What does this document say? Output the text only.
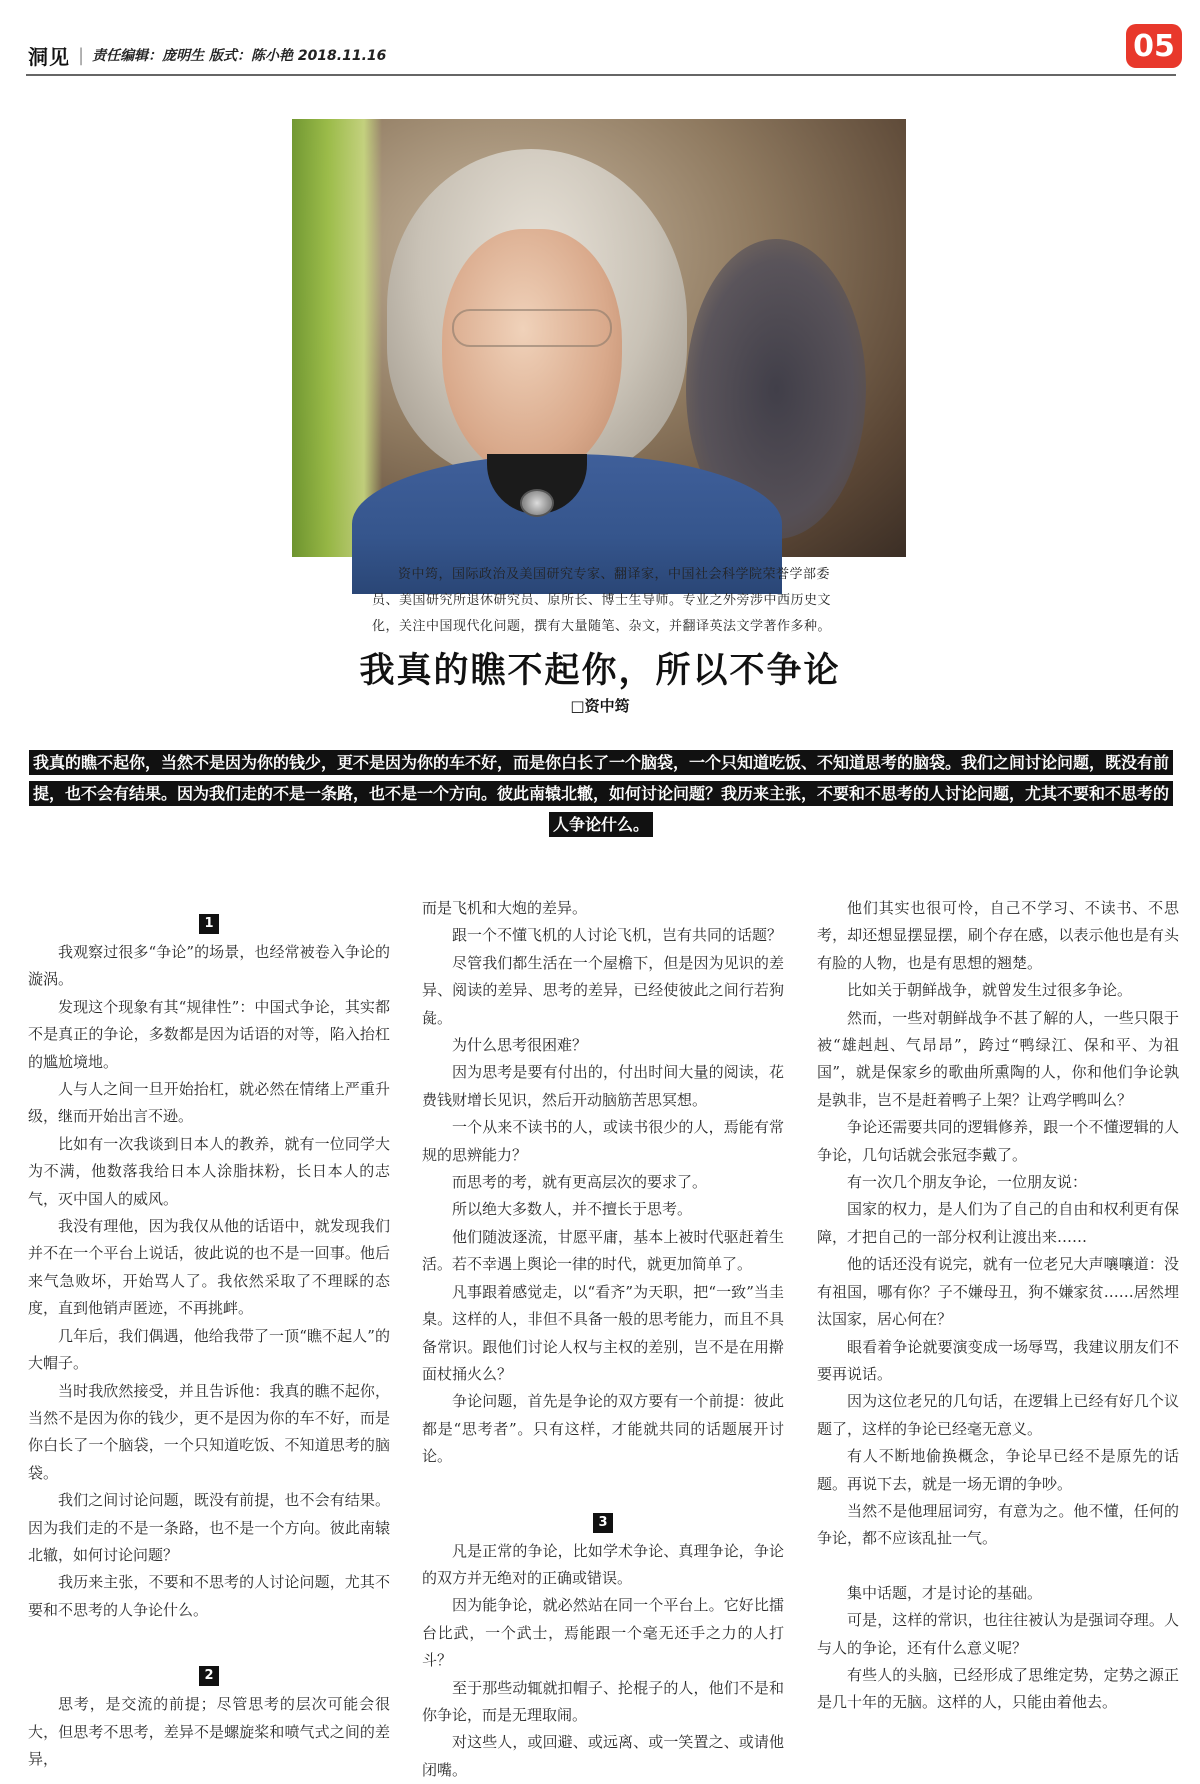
洞见 | 责任编辑：庞明生 版式：陈小艳 2018.11.16	05
资中筠，国际政治及美国研究专家、翻译家，中国社会科学院荣誉学部委员、美国研究所退休研究员、原所长、博士生导师。专业之外旁涉中西历史文化，关注中国现代化问题，撰有大量随笔、杂文，并翻译英法文学著作多种。
我真的瞧不起你，所以不争论
□资中筠
我真的瞧不起你，当然不是因为你的钱少，更不是因为你的车不好，而是你白长了一个脑袋，一个只知道吃饭、不知道思考的脑袋。我们之间讨论问题，既没有前提，也不会有结果。因为我们走的不是一条路，也不是一个方向。彼此南辕北辙，如何讨论问题？我历来主张，不要和不思考的人讨论问题，尤其不要和不思考的人争论什么。
1

我观察过很多“争论”的场景，也经常被卷入争论的漩涡。

发现这个现象有其“规律性”：中国式争论，其实都不是真正的争论，多数都是因为话语的对等，陷入抬杠的尴尬境地。

人与人之间一旦开始抬杠，就必然在情绪上严重升级，继而开始出言不逊。

比如有一次我谈到日本人的教养，就有一位同学大为不满，他数落我给日本人涂脂抹粉，长日本人的志气，灭中国人的威风。

我没有理他，因为我仅从他的话语中，就发现我们并不在一个平台上说话，彼此说的也不是一回事。他后来气急败坏，开始骂人了。我依然采取了不理睬的态度，直到他销声匿迹，不再挑衅。

几年后，我们偶遇，他给我带了一顶“瞧不起人”的大帽子。

当时我欣然接受，并且告诉他：我真的瞧不起你，当然不是因为你的钱少，更不是因为你的车不好，而是你白长了一个脑袋，一个只知道吃饭、不知道思考的脑袋。

我们之间讨论问题，既没有前提，也不会有结果。因为我们走的不是一条路，也不是一个方向。彼此南辕北辙，如何讨论问题？

我历来主张，不要和不思考的人讨论问题，尤其不要和不思考的人争论什么。

2

思考，是交流的前提；尽管思考的层次可能会很大，但思考不思考，差异不是螺旋桨和喷气式之间的差异，

而是飞机和大炮的差异。

跟一个不懂飞机的人讨论飞机，岂有共同的话题？

尽管我们都生活在一个屋檐下，但是因为见识的差异、阅读的差异、思考的差异，已经使彼此之间行若狗彘。

为什么思考很困难？

因为思考是要有付出的，付出时间大量的阅读，花费钱财增长见识，然后开动脑筋苦思冥想。

一个从来不读书的人，或读书很少的人，焉能有常规的思辨能力？

而思考的考，就有更高层次的要求了。

所以绝大多数人，并不擅长于思考。

他们随波逐流，甘愿平庸，基本上被时代驱赶着生活。若不幸遇上舆论一律的时代，就更加简单了。

凡事跟着感觉走，以“看齐”为天职，把“一致”当圭臬。这样的人，非但不具备一般的思考能力，而且不具备常识。跟他们讨论人权与主权的差别，岂不是在用擀面杖捅火么？

争论问题，首先是争论的双方要有一个前提：彼此都是“思考者”。只有这样，才能就共同的话题展开讨论。

3

凡是正常的争论，比如学术争论、真理争论，争论的双方并无绝对的正确或错误。

因为能争论，就必然站在同一个平台上。它好比擂台比武，一个武士，焉能跟一个毫无还手之力的人打斗？

至于那些动辄就扣帽子、抡棍子的人，他们不是和你争论，而是无理取闹。

对这些人，或回避、或远离、或一笑置之、或请他闭嘴。

他们其实也很可怜，自己不学习、不读书、不思考，却还想显摆显摆，刷个存在感，以表示他也是有头有脸的人物，也是有思想的翘楚。

比如关于朝鲜战争，就曾发生过很多争论。

然而，一些对朝鲜战争不甚了解的人，一些只限于被“雄赳赳、气昂昂”，跨过“鸭绿江、保和平、为祖国”，就是保家乡的歌曲所熏陶的人，你和他们争论孰是孰非，岂不是赶着鸭子上架？让鸡学鸭叫么？

争论还需要共同的逻辑修养，跟一个不懂逻辑的人争论，几句话就会张冠李戴了。

有一次几个朋友争论，一位朋友说：

国家的权力，是人们为了自己的自由和权利更有保障，才把自己的一部分权利让渡出来……

他的话还没有说完，就有一位老兄大声嚷嚷道：没有祖国，哪有你？子不嫌母丑，狗不嫌家贫……居然埋汰国家，居心何在？

眼看着争论就要演变成一场辱骂，我建议朋友们不要再说话。

因为这位老兄的几句话，在逻辑上已经有好几个议题了，这样的争论已经毫无意义。

有人不断地偷换概念，争论早已经不是原先的话题。再说下去，就是一场无谓的争吵。

当然不是他理屈词穷，有意为之。他不懂，任何的争论，都不应该乱扯一气。

集中话题，才是讨论的基础。

可是，这样的常识，也往往被认为是强词夺理。人与人的争论，还有什么意义呢？

有些人的头脑，已经形成了思维定势，定势之源正是几十年的无脑。这样的人，只能由着他去。
